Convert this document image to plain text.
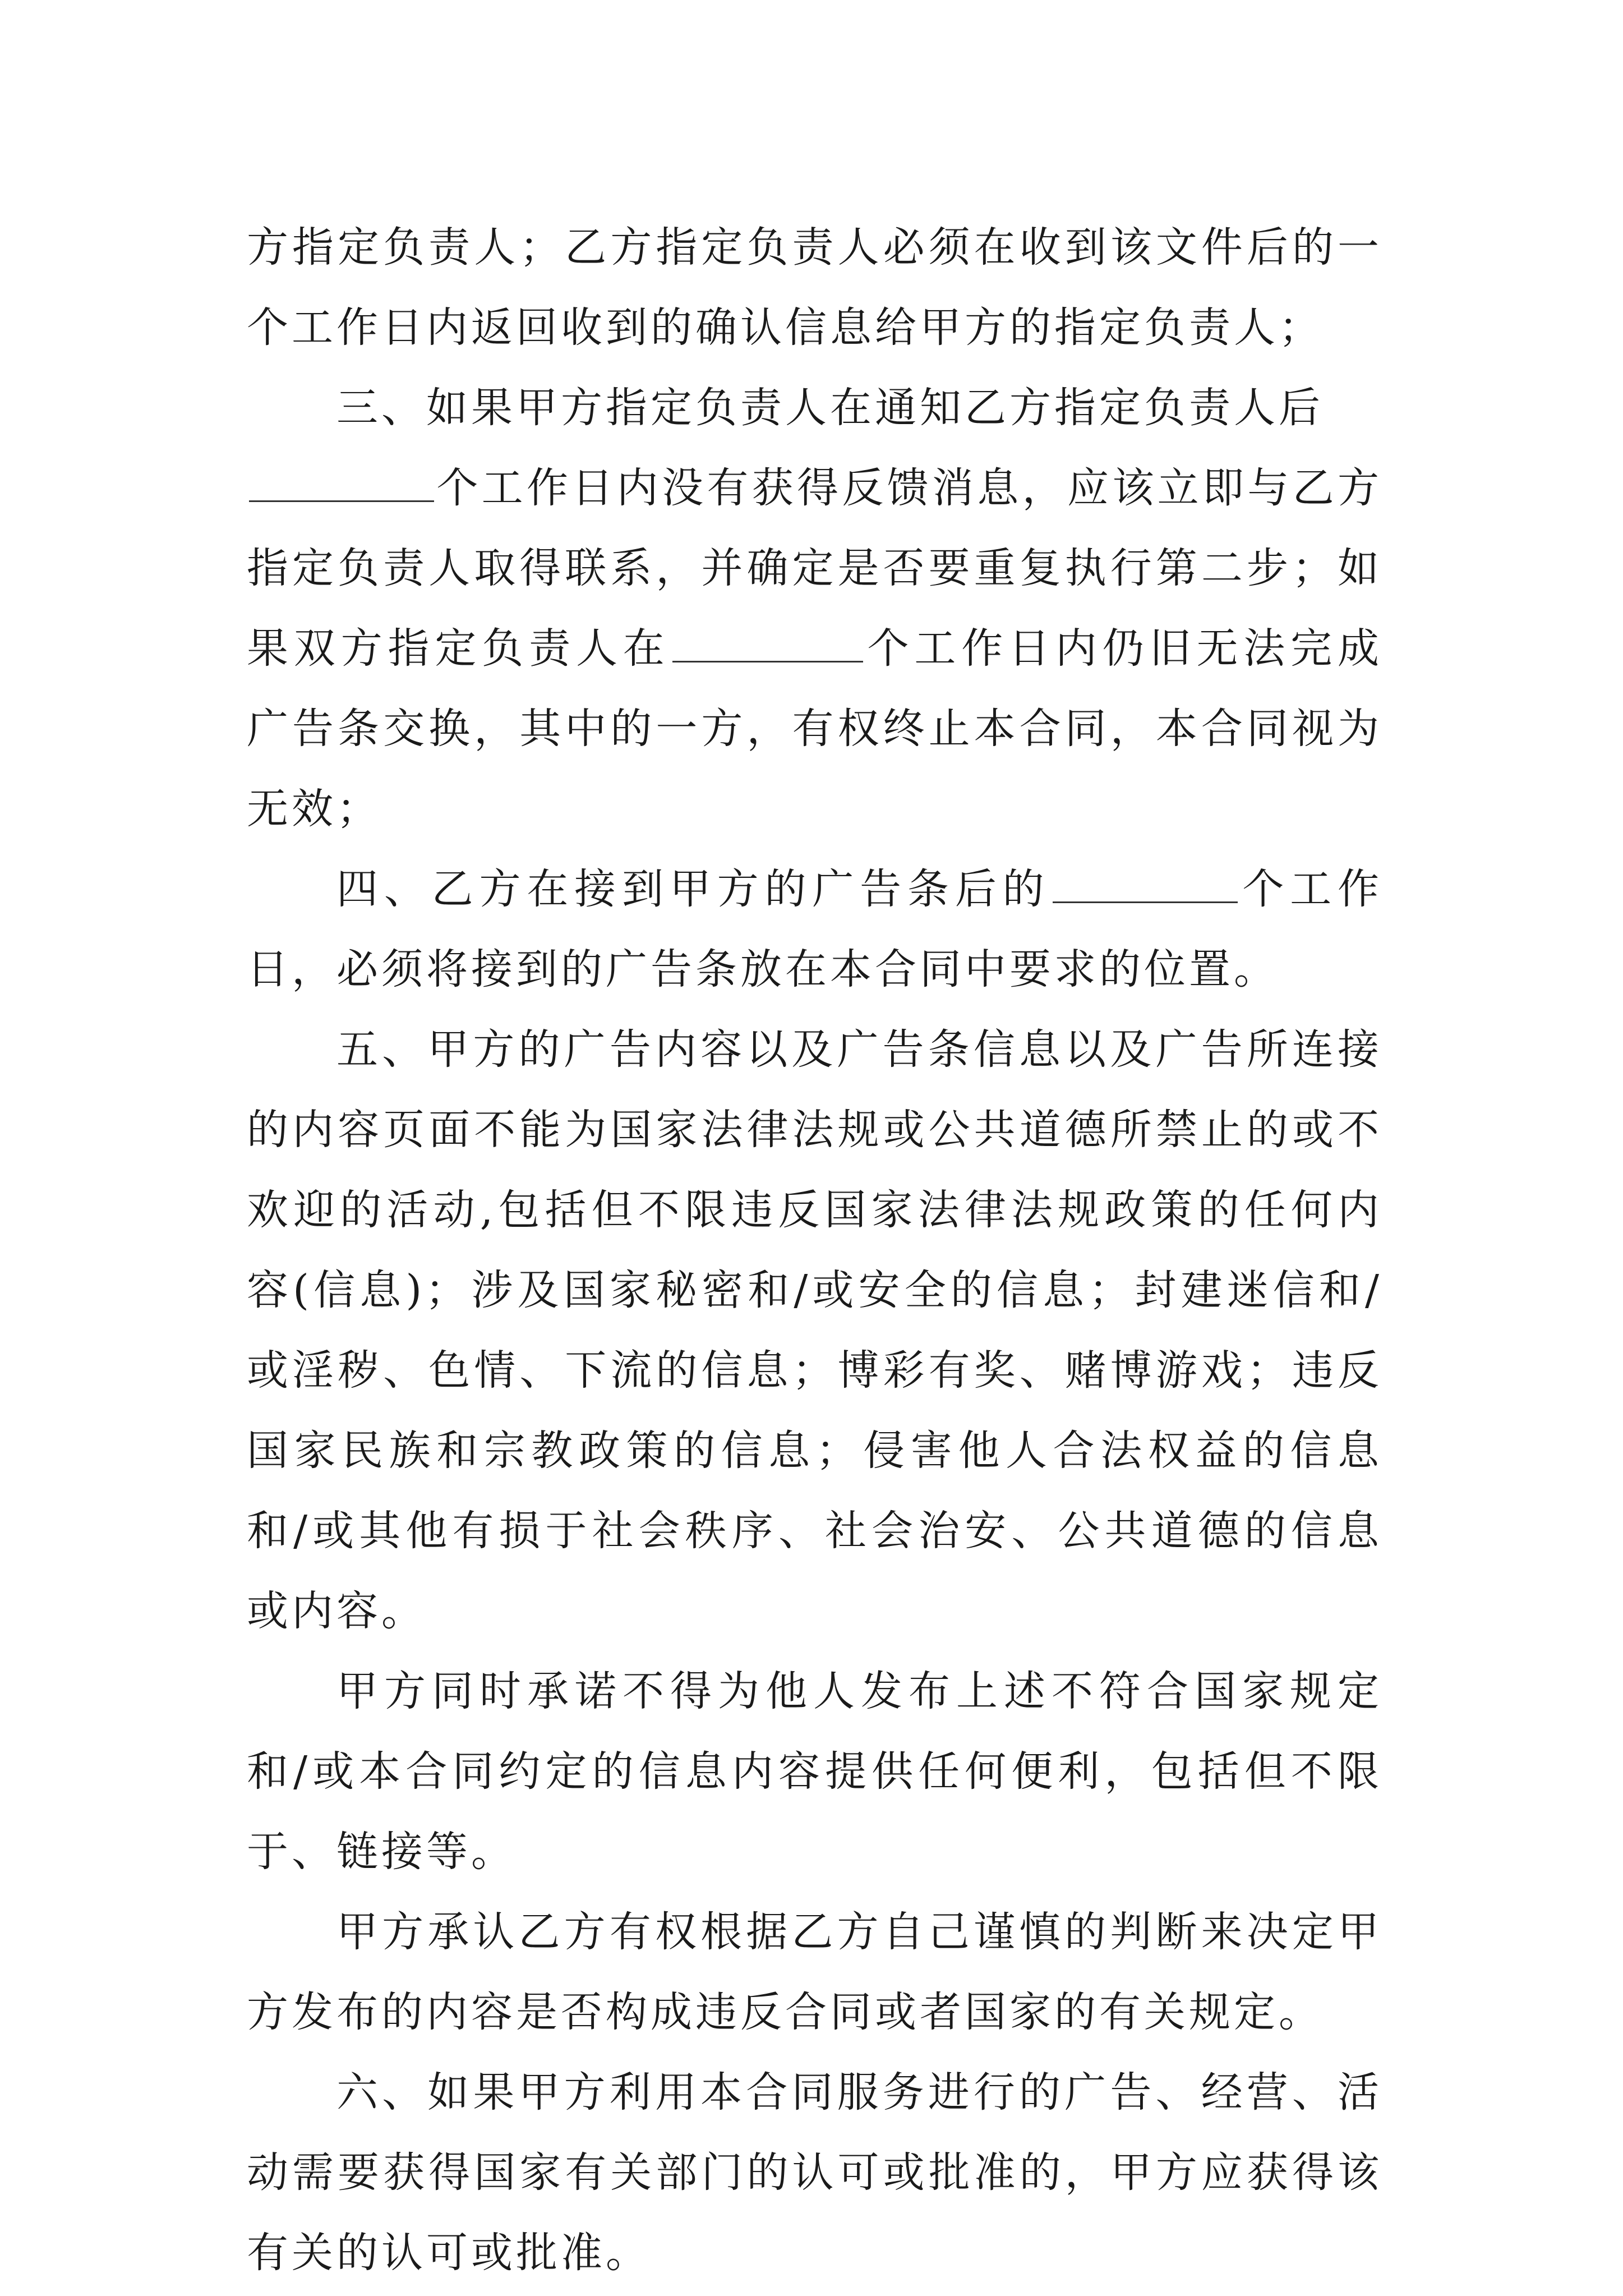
方指定负责人；乙方指定负责人必须在收到该文件后的一个工作日内返回收到的确认信息给甲方的指定负责人；

三、如果甲方指定负责人在通知乙方指定负责人后
个工作日内没有获得反馈消息，应该立即与乙方指定负责人取得联系，并确定是否要重复执行第二步；如果双方指定负责人在	个工作日内仍旧无法完成广告条交换，其中的一方，有权终止本合同，本合同视为无效；

四、乙方在接到甲方的广告条后的	个工作日，必须将接到的广告条放在本合同中要求的位置。

五、甲方的广告内容以及广告条信息以及广告所连接的内容页面不能为国家法律法规或公共道德所禁止的或不欢迎的活动,包括但不限违反国家法律法规政策的任何内容(信息)；涉及国家秘密和/或安全的信息；封建迷信和/或淫秽、色情、下流的信息；博彩有奖、赌博游戏；违反国家民族和宗教政策的信息；侵害他人合法权益的信息和/或其他有损于社会秩序、社会治安、公共道德的信息或内容。

甲方同时承诺不得为他人发布上述不符合国家规定和/或本合同约定的信息内容提供任何便利，包括但不限于、链接等。

甲方承认乙方有权根据乙方自己谨慎的判断来决定甲方发布的内容是否构成违反合同或者国家的有关规定。

六、如果甲方利用本合同服务进行的广告、经营、活动需要获得国家有关部门的认可或批准的，甲方应获得该有关的认可或批准。
